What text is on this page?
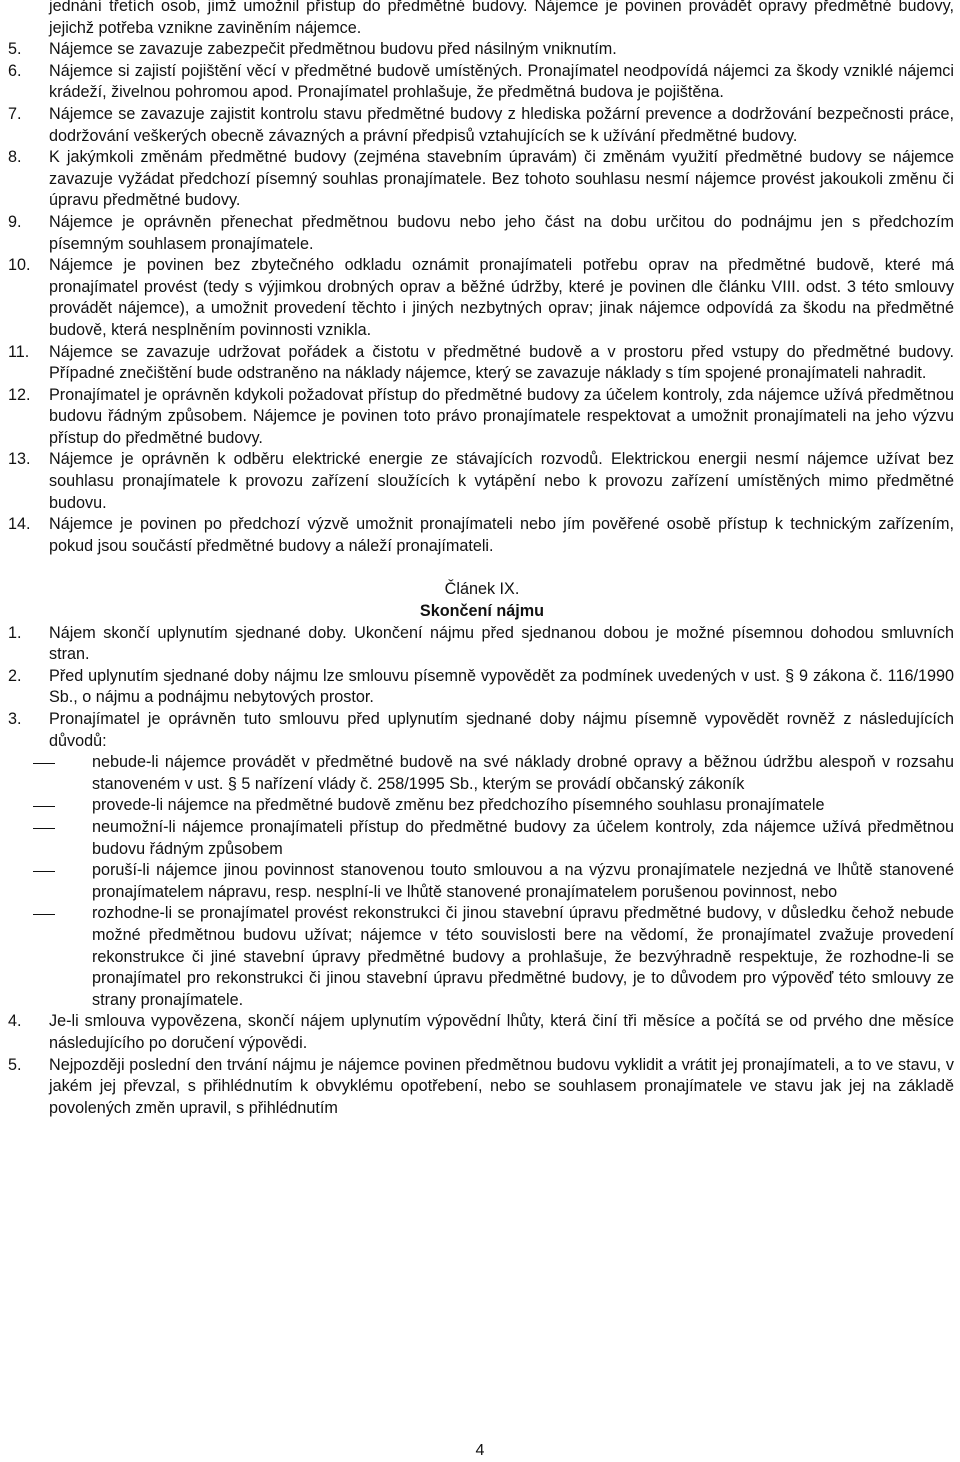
jednání třetích osob, jimž umožnil přístup do předmětné budovy. Nájemce je povinen provádět opravy předmětné budovy, jejichž potřeba vznikne zaviněním nájemce.
5.	Nájemce se zavazuje zabezpečit předmětnou budovu před násilným vniknutím.
6.	Nájemce si zajistí pojištění věcí v předmětné budově umístěných. Pronajímatel neodpovídá nájemci za škody vzniklé nájemci krádeží, živelnou pohromou apod. Pronajímatel prohlašuje, že předmětná budova je pojištěna.
7.	Nájemce se zavazuje zajistit kontrolu stavu předmětné budovy z hlediska požární prevence a dodržování bezpečnosti práce, dodržování veškerých obecně závazných a právní předpisů vztahujících se k užívání předmětné budovy.
8.	K jakýmkoli změnám předmětné budovy (zejména stavebním úpravám) či změnám využití předmětné budovy se nájemce zavazuje vyžádat předchozí písemný souhlas pronajímatele. Bez tohoto souhlasu nesmí nájemce provést jakoukoli změnu či úpravu předmětné budovy.
9.	Nájemce je oprávněn přenechat předmětnou budovu nebo jeho část na dobu určitou do podnájmu jen s předchozím písemným souhlasem pronajímatele.
10.	Nájemce je povinen bez zbytečného odkladu oznámit pronajímateli potřebu oprav na předmětné budově, které má pronajímatel provést (tedy s výjimkou drobných oprav a běžné údržby, které je povinen dle článku VIII. odst. 3 této smlouvy provádět nájemce), a umožnit provedení těchto i jiných nezbytných oprav; jinak nájemce odpovídá za škodu na předmětné budově, která nesplněním povinnosti vznikla.
11.	Nájemce se zavazuje udržovat pořádek a čistotu v předmětné budově a v prostoru před vstupy do předmětné budovy. Případné znečištění bude odstraněno na náklady nájemce, který se zavazuje náklady s tím spojené pronajímateli nahradit.
12.	Pronajímatel je oprávněn kdykoli požadovat přístup do předmětné budovy za účelem kontroly, zda nájemce užívá předmětnou budovu řádným způsobem. Nájemce je povinen toto právo pronajímatele respektovat a umožnit pronajímateli na jeho výzvu přístup do předmětné budovy.
13.	Nájemce je oprávněn k odběru elektrické energie ze stávajících rozvodů. Elektrickou energii nesmí nájemce užívat bez souhlasu pronajímatele k provozu zařízení sloužících k vytápění nebo k provozu zařízení umístěných mimo předmětné budovu.
14.	Nájemce je povinen po předchozí výzvě umožnit pronajímateli nebo jím pověřené osobě přístup k technickým zařízením, pokud jsou součástí předmětné budovy a náleží pronajímateli.
Článek IX.
Skončení nájmu
1.	Nájem skončí uplynutím sjednané doby. Ukončení nájmu před sjednanou dobou je možné písemnou dohodou smluvních stran.
2.	Před uplynutím sjednané doby nájmu lze smlouvu písemně vypovědět za podmínek uvedených v ust. § 9 zákona č. 116/1990 Sb., o nájmu a podnájmu nebytových prostor.
3.	Pronajímatel je oprávněn tuto smlouvu před uplynutím sjednané doby nájmu písemně vypovědět rovněž z následujících důvodů:
nebude-li nájemce provádět v předmětné budově na své náklady drobné opravy a běžnou údržbu alespoň v rozsahu stanoveném v ust. § 5 nařízení vlády č. 258/1995 Sb., kterým se provádí občanský zákoník
provede-li nájemce na předmětné budově změnu bez předchozího písemného souhlasu pronajímatele
neumožní-li nájemce pronajímateli přístup do předmětné budovy za účelem kontroly, zda nájemce užívá předmětnou budovu řádným způsobem
poruší-li nájemce jinou povinnost stanovenou touto smlouvou a na výzvu pronajímatele nezjedná ve lhůtě stanovené pronajímatelem nápravu, resp. nesplní-li ve lhůtě stanovené pronajímatelem porušenou povinnost, nebo
rozhodne-li se pronajímatel provést rekonstrukci či jinou stavební úpravu předmětné budovy, v důsledku čehož nebude možné předmětnou budovu užívat; nájemce v této souvislosti bere na vědomí, že pronajímatel zvažuje provedení rekonstrukce či jiné stavební úpravy předmětné budovy a prohlašuje, že bezvýhradně respektuje, že rozhodne-li se pronajímatel pro rekonstrukci či jinou stavební úpravu předmětné budovy, je to důvodem pro výpověď této smlouvy ze strany pronajímatele.
4.	Je-li smlouva vypovězena, skončí nájem uplynutím výpovědní lhůty, která činí tři měsíce a počítá se od prvého dne měsíce následujícího po doručení výpovědi.
5.	Nejpozději poslední den trvání nájmu je nájemce povinen předmětnou budovu vyklidit a vrátit jej pronajímateli, a to ve stavu, v jakém jej převzal, s přihlédnutím k obvyklému opotřebení, nebo se souhlasem pronajímatele ve stavu jak jej na základě povolených změn upravil, s přihlédnutím
4
